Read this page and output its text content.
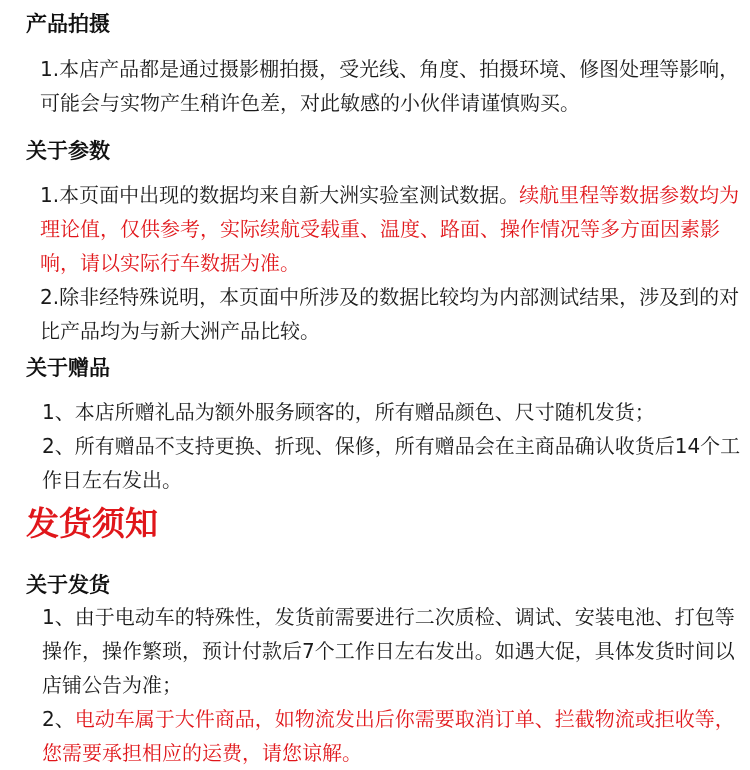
产品拍摄
1.本店产品都是通过摄影棚拍摄，受光线、角度、拍摄环境、修图处理等影响，可能会与实物产生稍许色差，对此敏感的小伙伴请谨慎购买。
关于参数
1.本页面中出现的数据均来自新大洲实验室测试数据。续航里程等数据参数均为理论值，仅供参考，实际续航受载重、温度、路面、操作情况等多方面因素影响，请以实际行车数据为准。
2.除非经特殊说明，本页面中所涉及的数据比较均为内部测试结果，涉及到的对比产品均为与新大洲产品比较。
关于赠品
1、本店所赠礼品为额外服务顾客的，所有赠品颜色、尺寸随机发货；
2、所有赠品不支持更换、折现、保修，所有赠品会在主商品确认收货后14个工作日左右发出。
发货须知
关于发货
1、由于电动车的特殊性，发货前需要进行二次质检、调试、安装电池、打包等操作，操作繁琐，预计付款后7个工作日左右发出。如遇大促，具体发货时间以店铺公告为准；
2、电动车属于大件商品，如物流发出后你需要取消订单、拦截物流或拒收等，您需要承担相应的运费，请您谅解。
